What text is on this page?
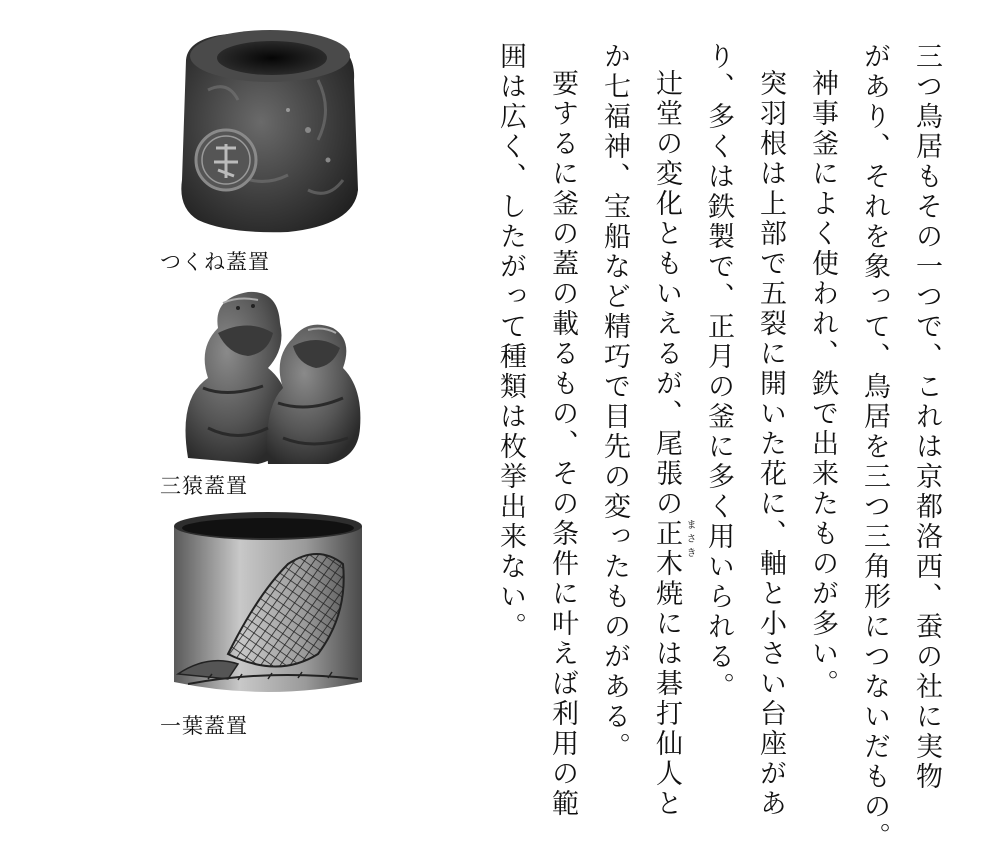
つくね蓋置
三猿蓋置
一葉蓋置	三つ鳥居もその一つで、これは京都洛西、蚕の社に実物
があり、それを象って、鳥居を三つ三角形につないだもの。
神事釜によく使われ、鉄で出来たものが多い。
突羽根は上部で五裂に開いた花に、軸と小さい台座があ
り、多くは鉄製で、正月の釜に多く用いられる。
辻堂の変化ともいえるが、尾張の正木 まさき
焼には碁打仙人と
か七福神、宝船など精巧で目先の変ったものがある。
要するに釜の蓋の載るもの、その条件に叶えば利用の範
囲は広く、したがって種類は枚挙出来ない。
